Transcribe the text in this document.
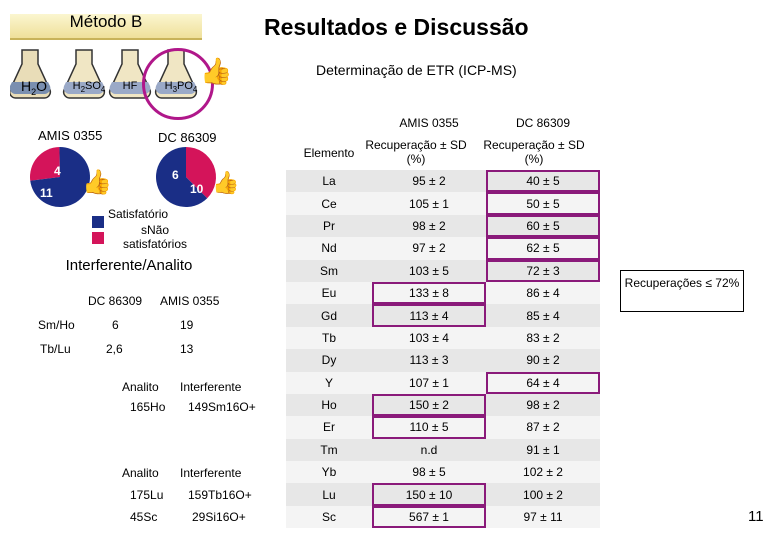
Método B	Resultados e Discussão
Determinação de ETR (ICP-MS)
$H_2O$	$H_2SO_4$	HF	$H_3PO_4$
👍
AMIS 0355	DC 86309
4
11
6
10
👍	👍
Satisfatório
sNão satisfatórios
Interferente/Analito
DC 86309 AMIS 0355
Sm/Ho	6	19
Tb/Lu	2,6	13
Analito Interferente
165Ho 149Sm16O+
Analito Interferente
175Lu 159Tb16O+
45Sc	29Si16O+
AMIS 0355	DC 86309
Elemento
Recuperação ± SD (%)
Recuperação ± SD (%)
La	95 ± 2	40 ± 5
Ce	105 ± 1	50 ± 5
Pr	98 ± 2	60 ± 5
Nd	97 ± 2	62 ± 5
Sm	103 ± 5	72 ± 3
Eu	133 ± 8	86 ± 4
Gd	113 ± 4	85 ± 4
Tb	103 ± 4	83 ± 2
Dy	113 ± 3	90 ± 2
Y	107 ± 1	64 ± 4
Ho	150 ± 2	98 ± 2
Er	110 ± 5	87 ± 2
Tm	n.d	91 ± 1
Yb	98 ± 5	102 ± 2
Lu	150 ± 10	100 ± 2
Sc	567 ± 1	97 ± 11
Recuperações ≤ 72%
11
